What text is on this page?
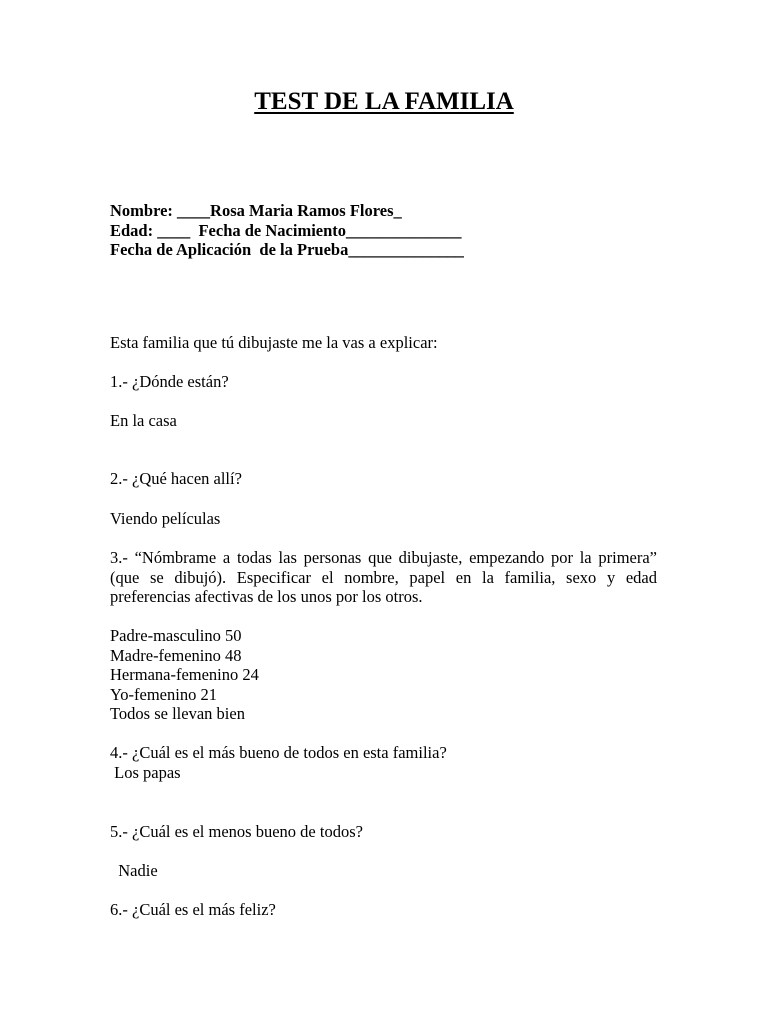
TEST DE LA FAMILIA
Nombre: ____Rosa Maria Ramos Flores_
Edad: ____  Fecha de Nacimiento______________
Fecha de Aplicación  de la Prueba______________
Esta familia que tú dibujaste me la vas a explicar:
1.- ¿Dónde están?
En la casa
2.- ¿Qué hacen allí?
Viendo películas
3.- “Nómbrame a todas las personas que dibujaste, empezando por la primera” (que se dibujó). Especificar el nombre, papel en la familia, sexo y edad preferencias afectivas de los unos por los otros.
Padre-masculino 50
Madre-femenino 48
Hermana-femenino 24
Yo-femenino 21
Todos se llevan bien
4.- ¿Cuál es el más bueno de todos en esta familia?
Los papas
5.- ¿Cuál es el menos bueno de todos?
Nadie
6.- ¿Cuál es el más feliz?
